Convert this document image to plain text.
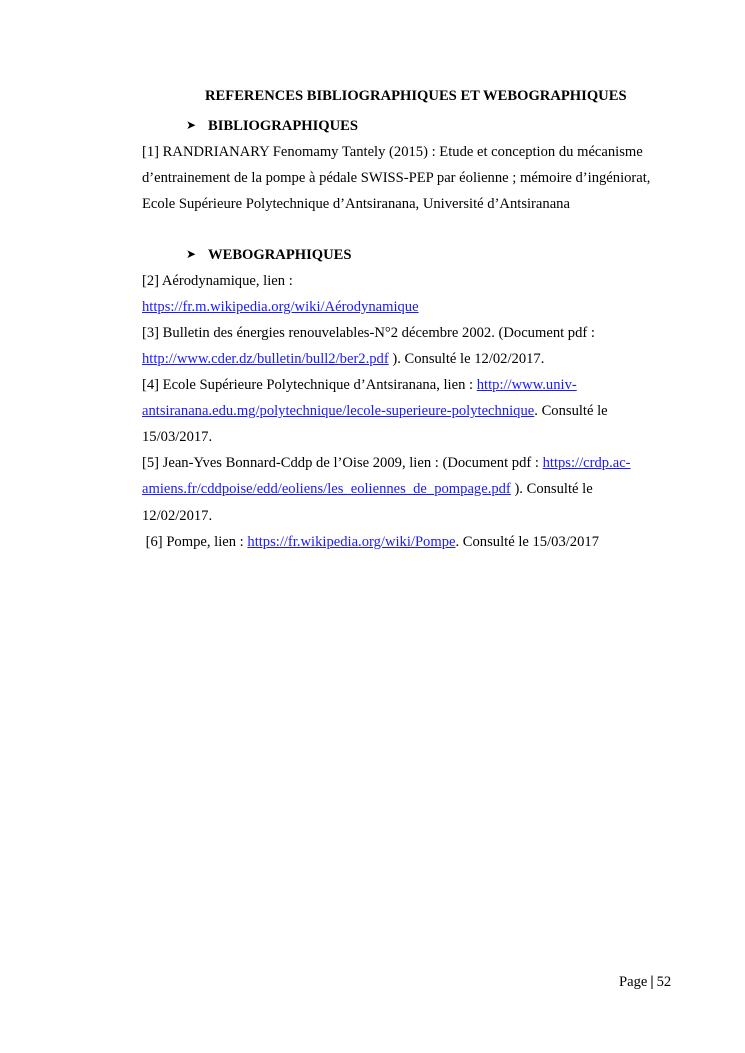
REFERENCES BIBLIOGRAPHIQUES ET WEBOGRAPHIQUES
➤ BIBLIOGRAPHIQUES
[1] RANDRIANARY Fenomamy Tantely (2015) : Etude et conception du mécanisme
d’entrainement de la pompe à pédale SWISS-PEP par éolienne ; mémoire d’ingéniorat,
Ecole Supérieure Polytechnique d’Antsiranana, Université d’Antsiranana
➤ WEBOGRAPHIQUES
[2] Aérodynamique, lien :
https://fr.m.wikipedia.org/wiki/Aérodynamique
[3] Bulletin des énergies renouvelables-N°2 décembre 2002. (Document pdf :
http://www.cder.dz/bulletin/bull2/ber2.pdf ). Consulté le 12/02/2017.
[4] Ecole Supérieure Polytechnique d’Antsiranana, lien : http://www.univ-
antsiranana.edu.mg/polytechnique/lecole-superieure-polytechnique. Consulté le
15/03/2017.
[5] Jean-Yves Bonnard-Cddp de l’Oise 2009, lien : (Document pdf : https://crdp.ac-
amiens.fr/cddpoise/edd/eoliens/les_eoliennes_de_pompage.pdf ). Consulté le
12/02/2017.
[6] Pompe, lien : https://fr.wikipedia.org/wiki/Pompe. Consulté le 15/03/2017
Page | 52
